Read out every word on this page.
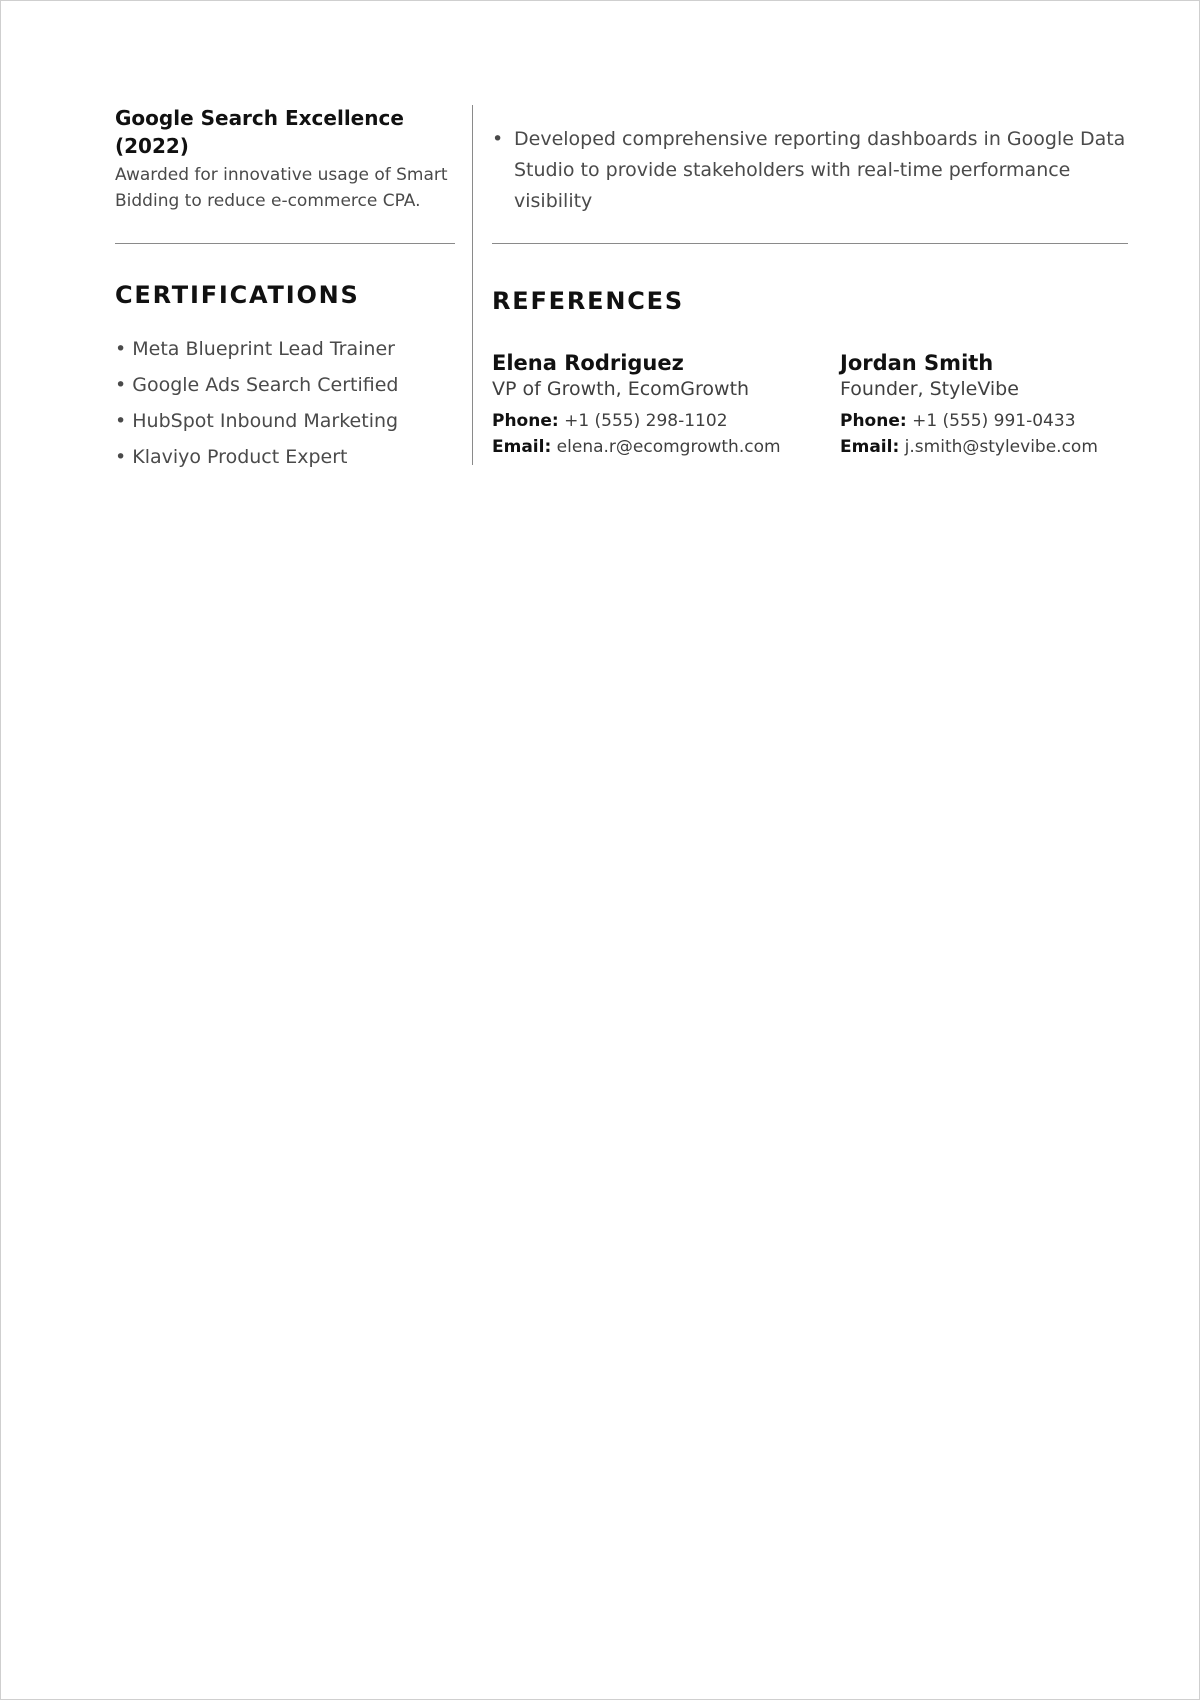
Google Search Excellence (2022)
Awarded for innovative usage of Smart Bidding to reduce e-commerce CPA.
CERTIFICATIONS
• Meta Blueprint Lead Trainer
• Google Ads Search Certified
• HubSpot Inbound Marketing
• Klaviyo Product Expert
• Developed comprehensive reporting dashboards in Google Data Studio to provide stakeholders with real-time performance visibility
REFERENCES
Elena Rodriguez
VP of Growth, EcomGrowth
Phone: +1 (555) 298-1102
Email: elena.r@ecomgrowth.com
Jordan Smith
Founder, StyleVibe
Phone: +1 (555) 991-0433
Email: j.smith@stylevibe.com
